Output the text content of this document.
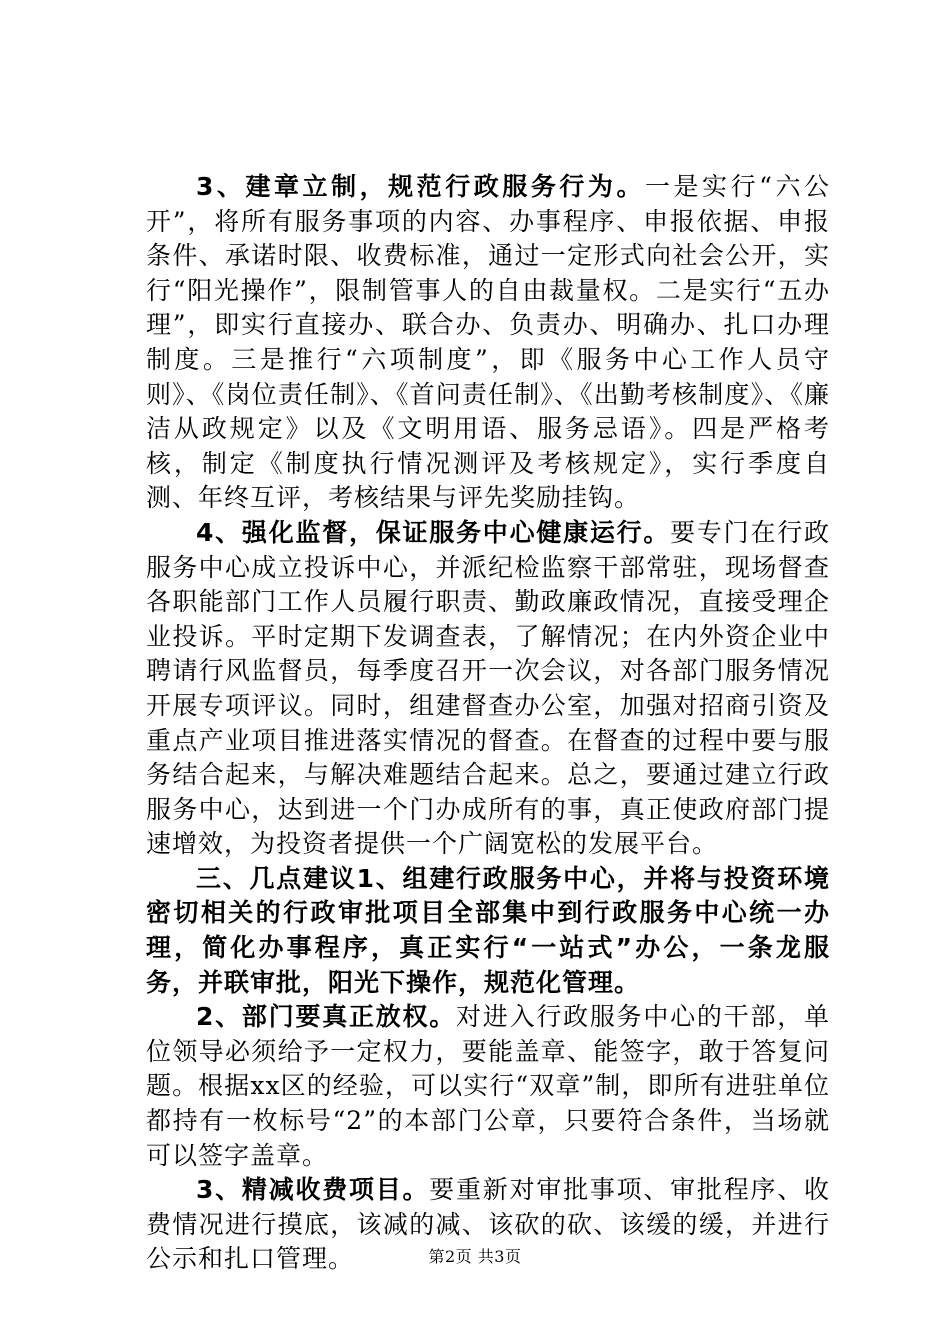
3、建章立制，规范行政服务行为。一是实行“六公开”，将所有服务事项的内容、办事程序、申报依据、申报条件、承诺时限、收费标准，通过一定形式向社会公开，实行“阳光操作”，限制管事人的自由裁量权。二是实行“五办理”，即实行直接办、联合办、负责办、明确办、扎口办理制度。三是推行“六项制度”，即《服务中心工作人员守则》、《岗位责任制》、《首问责任制》、《出勤考核制度》、《廉洁从政规定》以及《文明用语、服务忌语》。四是严格考核，制定《制度执行情况测评及考核规定》，实行季度自测、年终互评，考核结果与评先奖励挂钩。

4、强化监督，保证服务中心健康运行。要专门在行政服务中心成立投诉中心，并派纪检监察干部常驻，现场督查各职能部门工作人员履行职责、勤政廉政情况，直接受理企业投诉。平时定期下发调查表，了解情况；在内外资企业中聘请行风监督员，每季度召开一次会议，对各部门服务情况开展专项评议。同时，组建督查办公室，加强对招商引资及重点产业项目推进落实情况的督查。在督查的过程中要与服务结合起来，与解决难题结合起来。总之，要通过建立行政服务中心，达到进一个门办成所有的事，真正使政府部门提速增效，为投资者提供一个广阔宽松的发展平台。

三、几点建议1、组建行政服务中心，并将与投资环境密切相关的行政审批项目全部集中到行政服务中心统一办理，简化办事程序，真正实行“一站式”办公，一条龙服务，并联审批，阳光下操作，规范化管理。

2、部门要真正放权。对进入行政服务中心的干部，单位领导必须给予一定权力，要能盖章、能签字，敢于答复问题。根据xx区的经验，可以实行“双章”制，即所有进驻单位都持有一枚标号“2”的本部门公章，只要符合条件，当场就可以签字盖章。

3、精减收费项目。要重新对审批事项、审批程序、收费情况进行摸底，该减的减、该砍的砍、该缓的缓，并进行公示和扎口管理。	第2页 共3页
